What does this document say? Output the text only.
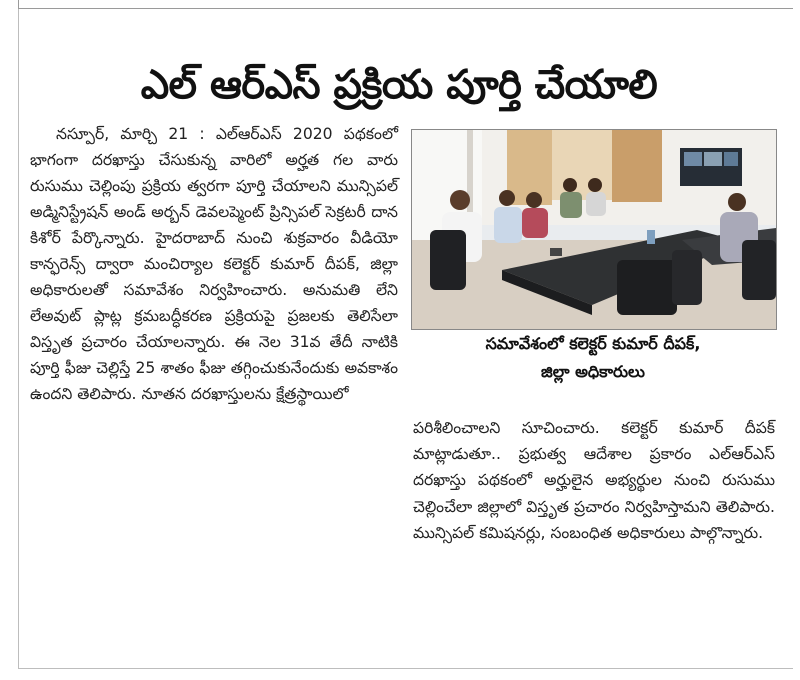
ఎల్ ఆర్ఎస్ ప్రక్రియ పూర్తి చేయాలి

నస్పూర్, మార్చి 21 : ఎల్ఆర్ఎస్ 2020 పథకంలో భాగంగా దరఖాస్తు చేసుకున్న వారిలో అర్హత గల వారు రుసుము చెల్లింపు ప్రక్రియ త్వరగా పూర్తి చేయాలని మున్సిపల్ అడ్మినిస్ట్రేషన్ అండ్ అర్బన్ డెవలప్మెంట్ ప్రిన్సిపల్ సెక్రటరీ దాన కిశోర్ పేర్కొన్నారు. హైదరాబాద్ నుంచి శుక్రవారం వీడియో కాన్ఫరెన్స్ ద్వారా మంచిర్యాల కలెక్టర్ కుమార్ దీపక్, జిల్లా అధికారులతో సమావేశం నిర్వహించారు. అనుమతి లేని లేఅవుట్ ప్లాట్ల క్రమబద్ధీకరణ ప్రక్రియపై ప్రజలకు తెలిసేలా విస్తృత ప్రచారం చేయాలన్నారు. ఈ నెల 31వ తేదీ నాటికి పూర్తి ఫీజు చెల్లిస్తే 25 శాతం ఫీజు తగ్గించుకునేందుకు అవకాశం ఉందని తెలిపారు. నూతన దరఖాస్తులను క్షేత్రస్థాయిలో

సమావేశంలో కలెక్టర్ కుమార్ దీపక్,
జిల్లా అధికారులు

పరిశీలించాలని సూచించారు. కలెక్టర్ కుమార్ దీపక్ మాట్లాడుతూ.. ప్రభుత్వ ఆదేశాల ప్రకారం ఎల్ఆర్ఎస్ దరఖాస్తు పథకంలో అర్హులైన అభ్యర్థుల నుంచి రుసుము చెల్లించేలా జిల్లాలో విస్తృత ప్రచారం నిర్వహిస్తామని తెలిపారు. మున్సిపల్ కమిషనర్లు, సంబంధిత అధికారులు పాల్గొన్నారు.
